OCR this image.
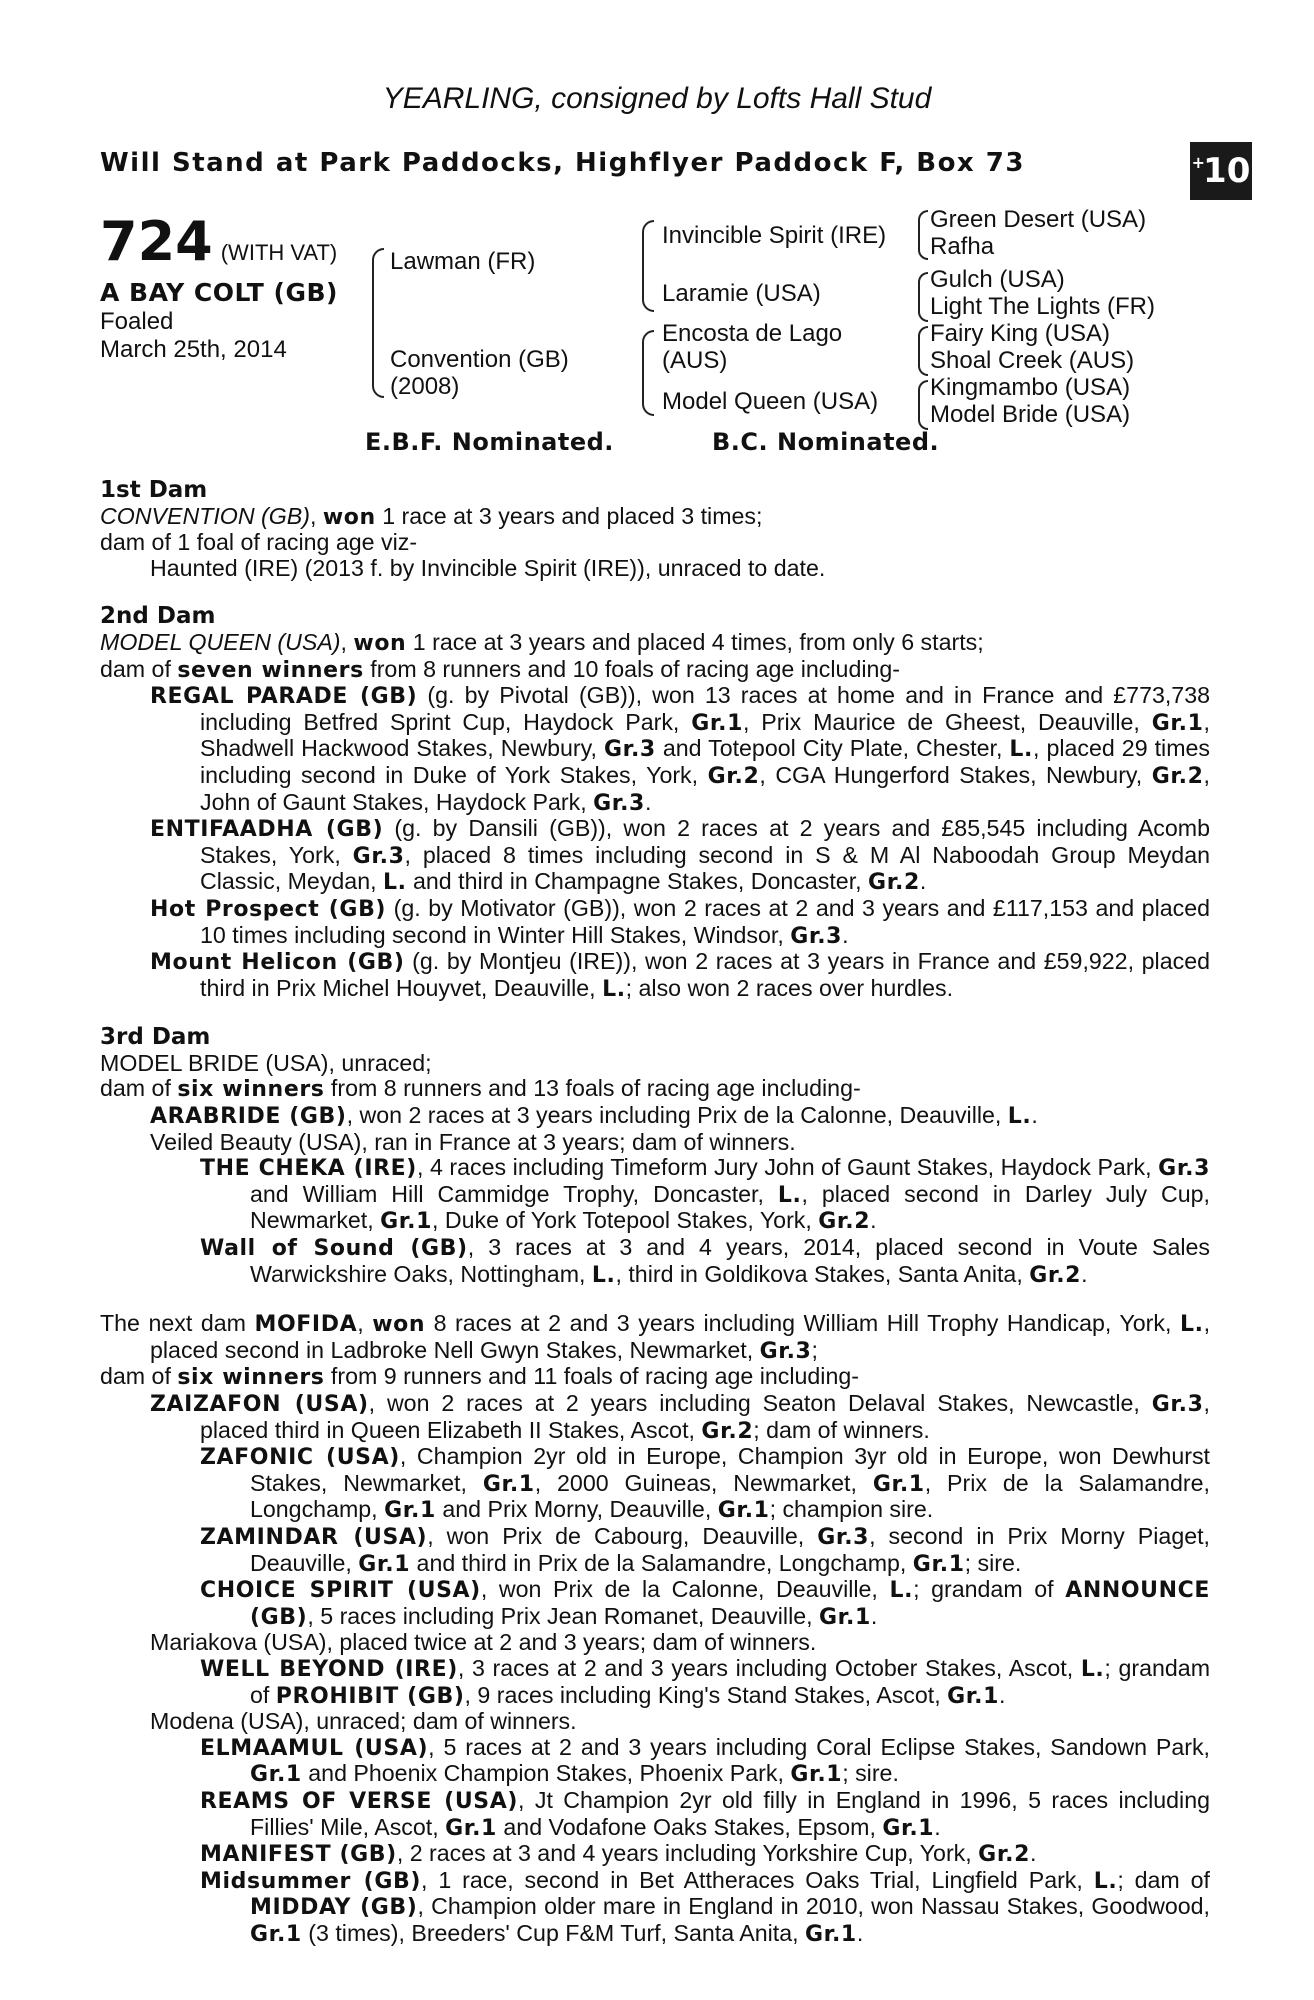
YEARLING, consigned by Lofts Hall Stud
Will Stand at Park Paddocks, Highflyer Paddock F, Box 73	+
10
724 (WITH VAT)
A BAY COLT (GB)
Foaled
March 25th, 2014
Lawman (FR)
Convention (GB)
(2008)
Invincible Spirit (IRE)
Laramie (USA)
Encosta de Lago
(AUS)
Model Queen (USA)
Green Desert (USA)
Rafha
Gulch (USA)
Light The Lights (FR)
Fairy King (USA)
Shoal Creek (AUS)
Kingmambo (USA)
Model Bride (USA)
E.B.F. Nominated.	B.C. Nominated.
1st Dam

CONVENTION (GB), won 1 race at 3 years and placed 3 times;

dam of 1 foal of racing age viz-

Haunted (IRE) (2013 f. by Invincible Spirit (IRE)), unraced to date.

2nd Dam

MODEL QUEEN (USA), won 1 race at 3 years and placed 4 times, from only 6 starts;

dam of seven winners from 8 runners and 10 foals of racing age including-

REGAL PARADE (GB) (g. by Pivotal (GB)), won 13 races at home and in France and £773,738 including Betfred Sprint Cup, Haydock Park, Gr.1, Prix Maurice de Gheest, Deauville, Gr.1, Shadwell Hackwood Stakes, Newbury, Gr.3 and Totepool City Plate, Chester, L., placed 29 times including second in Duke of York Stakes, York, Gr.2, CGA Hungerford Stakes, Newbury, Gr.2, John of Gaunt Stakes, Haydock Park, Gr.3.

ENTIFAADHA (GB) (g. by Dansili (GB)), won 2 races at 2 years and £85,545 including Acomb Stakes, York, Gr.3, placed 8 times including second in S & M Al Naboodah Group Meydan Classic, Meydan, L. and third in Champagne Stakes, Doncaster, Gr.2.

Hot Prospect (GB) (g. by Motivator (GB)), won 2 races at 2 and 3 years and £117,153 and placed 10 times including second in Winter Hill Stakes, Windsor, Gr.3.

Mount Helicon (GB) (g. by Montjeu (IRE)), won 2 races at 3 years in France and £59,922, placed third in Prix Michel Houyvet, Deauville, L.; also won 2 races over hurdles.

3rd Dam

MODEL BRIDE (USA), unraced;

dam of six winners from 8 runners and 13 foals of racing age including-

ARABRIDE (GB), won 2 races at 3 years including Prix de la Calonne, Deauville, L..

Veiled Beauty (USA), ran in France at 3 years; dam of winners.

THE CHEKA (IRE), 4 races including Timeform Jury John of Gaunt Stakes, Haydock Park, Gr.3 and William Hill Cammidge Trophy, Doncaster, L., placed second in Darley July Cup, Newmarket, Gr.1, Duke of York Totepool Stakes, York, Gr.2.

Wall of Sound (GB), 3 races at 3 and 4 years, 2014, placed second in Voute Sales Warwickshire Oaks, Nottingham, L., third in Goldikova Stakes, Santa Anita, Gr.2.

The next dam MOFIDA, won 8 races at 2 and 3 years including William Hill Trophy Handicap, York, L., placed second in Ladbroke Nell Gwyn Stakes, Newmarket, Gr.3;

dam of six winners from 9 runners and 11 foals of racing age including-

ZAIZAFON (USA), won 2 races at 2 years including Seaton Delaval Stakes, Newcastle, Gr.3, placed third in Queen Elizabeth II Stakes, Ascot, Gr.2; dam of winners.

ZAFONIC (USA), Champion 2yr old in Europe, Champion 3yr old in Europe, won Dewhurst Stakes, Newmarket, Gr.1, 2000 Guineas, Newmarket, Gr.1, Prix de la Salamandre, Longchamp, Gr.1 and Prix Morny, Deauville, Gr.1; champion sire.

ZAMINDAR (USA), won Prix de Cabourg, Deauville, Gr.3, second in Prix Morny Piaget, Deauville, Gr.1 and third in Prix de la Salamandre, Longchamp, Gr.1; sire.

CHOICE SPIRIT (USA), won Prix de la Calonne, Deauville, L.; grandam of ANNOUNCE (GB), 5 races including Prix Jean Romanet, Deauville, Gr.1.

Mariakova (USA), placed twice at 2 and 3 years; dam of winners.

WELL BEYOND (IRE), 3 races at 2 and 3 years including October Stakes, Ascot, L.; grandam of PROHIBIT (GB), 9 races including King's Stand Stakes, Ascot, Gr.1.

Modena (USA), unraced; dam of winners.

ELMAAMUL (USA), 5 races at 2 and 3 years including Coral Eclipse Stakes, Sandown Park, Gr.1 and Phoenix Champion Stakes, Phoenix Park, Gr.1; sire.

REAMS OF VERSE (USA), Jt Champion 2yr old filly in England in 1996, 5 races including Fillies' Mile, Ascot, Gr.1 and Vodafone Oaks Stakes, Epsom, Gr.1.

MANIFEST (GB), 2 races at 3 and 4 years including Yorkshire Cup, York, Gr.2.

Midsummer (GB), 1 race, second in Bet Attheraces Oaks Trial, Lingfield Park, L.; dam of MIDDAY (GB), Champion older mare in England in 2010, won Nassau Stakes, Goodwood, Gr.1 (3 times), Breeders' Cup F&M Turf, Santa Anita, Gr.1.
